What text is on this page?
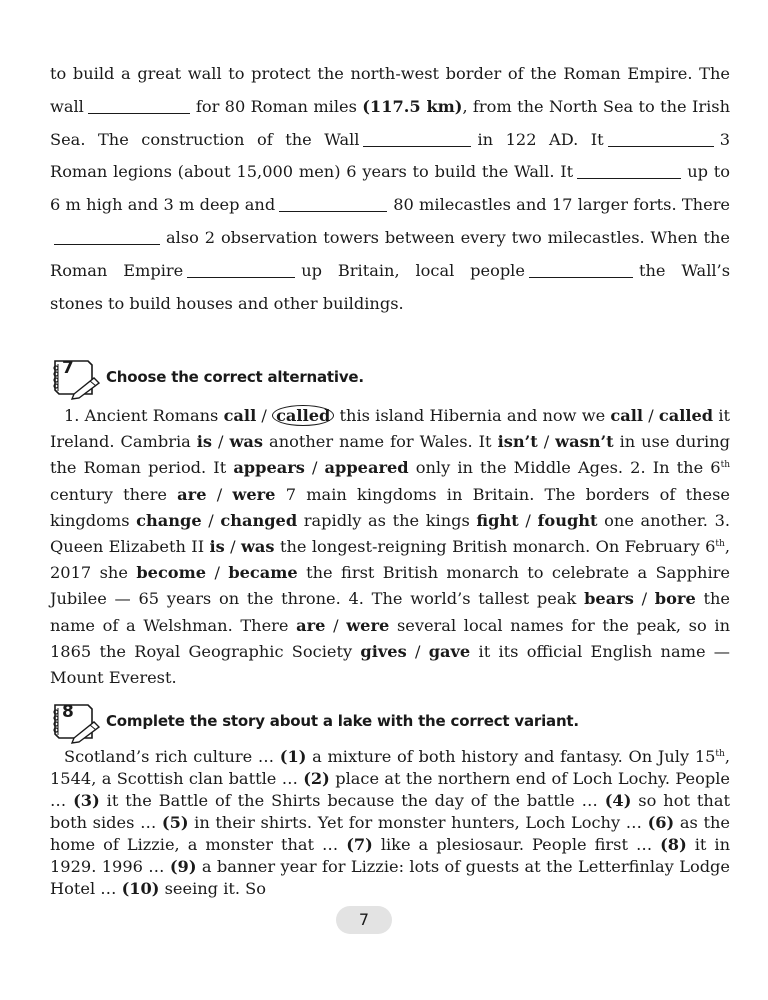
to build a great wall to protect the north-west border of the Roman Empire. The wall	for 80 Roman miles (117.5 km), from the North Sea to the Irish Sea. The construction of the Wall	in 122 AD. It	3 Roman legions (about 15,000 men) 6 years to build the Wall. It	up to 6 m high and 3 m deep and	80 milecastles and 17 larger forts. Therealso 2 observation towers between every two milecastles. When the Roman Empire	up Britain, local people	the Wall’s stones to build houses and other buildings.
7 Choose the correct alternative.
1. Ancient Romans call / called this island Hibernia and now we call / called it Ireland. Cambria is / was another name for Wales. It isn’t / wasn’t in use during the Roman period. It appears / appeared only in the Middle Ages. 2. In the 6th century there are / were 7 main kingdoms in Britain. The borders of these kingdoms change / changed rapidly as the kings fight / fought one another. 3. Queen Elizabeth II is / was the longest-reigning British monarch. On February 6th, 2017 she become / became the first British monarch to celebrate a Sapphire Jubilee — 65 years on the throne. 4. The world’s tallest peak bears / bore the name of a Welshman. There are / were several local names for the peak, so in 1865 the Royal Geographic Society gives / gave it its official English name — Mount Everest.
8 Complete the story about a lake with the correct variant.
Scotland’s rich culture … (1) a mixture of both history and fantasy. On July 15th, 1544, a Scottish clan battle … (2) place at the northern end of Loch Lochy. People … (3) it the Battle of the Shirts because the day of the battle … (4) so hot that both sides … (5) in their shirts. Yet for monster hunters, Loch Lochy … (6) as the home of Lizzie, a monster that … (7) like a plesiosaur. People first … (8) it in 1929. 1996 … (9) a banner year for Lizzie: lots of guests at the Letterfinlay Lodge Hotel … (10) seeing it. So
7
